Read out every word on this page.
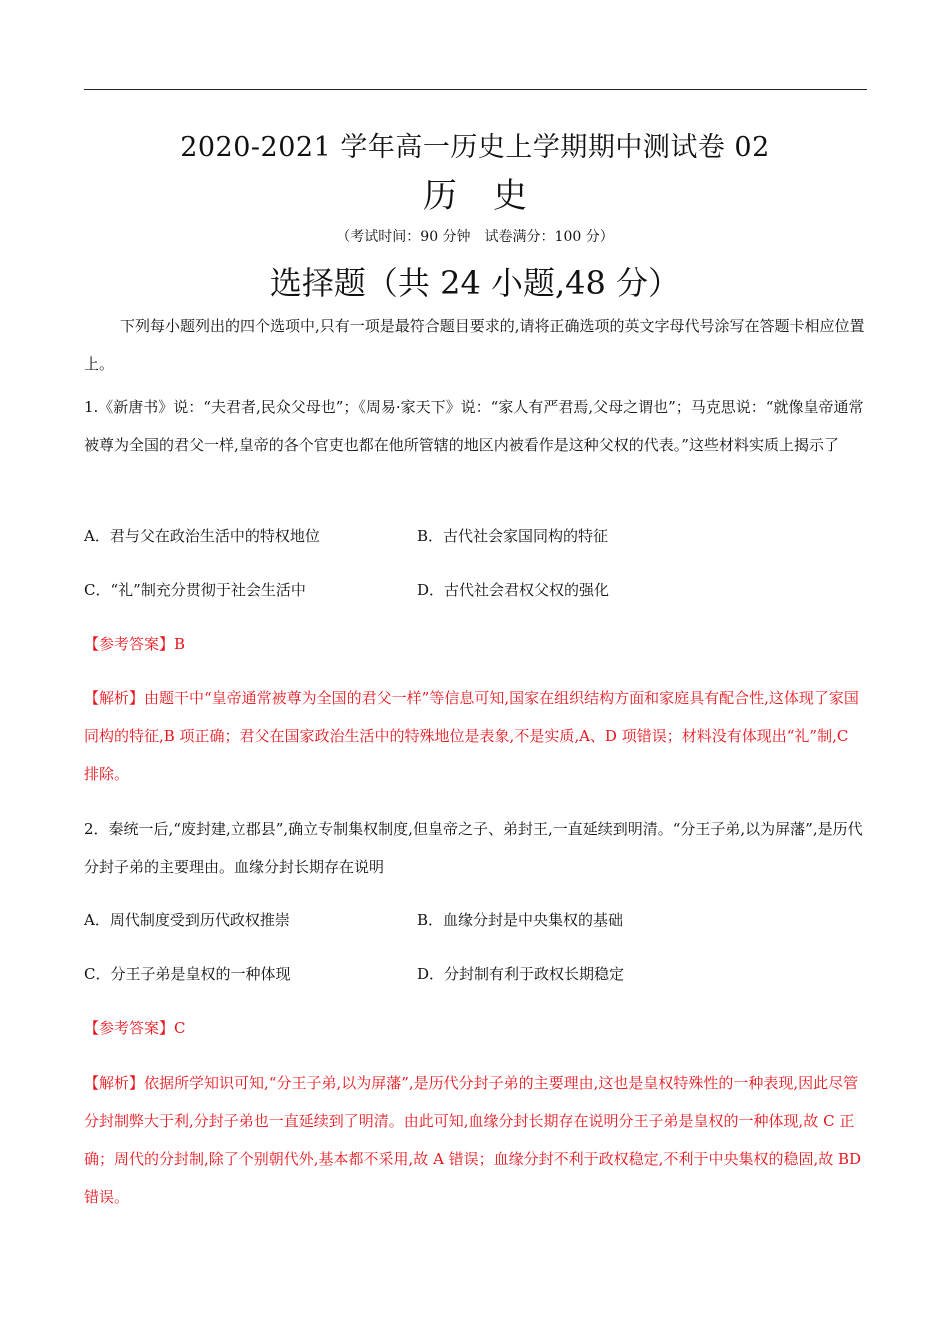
2020-2021 学年高一历史上学期期中测试卷 02
历史
（考试时间：90 分钟　试卷满分：100 分）
选择题（共 24 小题,48 分）

下列每小题列出的四个选项中,只有一项是最符合题目要求的,请将正确选项的英文字母代号涂写在答题卡相应位置上。

1.《新唐书》说：“夫君者,民众父母也”；《周易·家天下》说：“家人有严君焉,父母之谓也”；马克思说：“就像皇帝通常被尊为全国的君父一样,皇帝的各个官吏也都在他所管辖的地区内被看作是这种父权的代表。”这些材料实质上揭示了

A．君与父在政治生活中的特权地位	B．古代社会家国同构的特征
C．“礼”制充分贯彻于社会生活中	D．古代社会君权父权的强化
【参考答案】B

【解析】由题干中“皇帝通常被尊为全国的君父一样”等信息可知,国家在组织结构方面和家庭具有配合性,这体现了家国同构的特征,B 项正确；君父在国家政治生活中的特殊地位是表象,不是实质,A、D 项错误；材料没有体现出“礼”制,C 排除。

2．秦统一后,“废封建,立郡县”,确立专制集权制度,但皇帝之子、弟封王,一直延续到明清。“分王子弟,以为屏藩”,是历代分封子弟的主要理由。血缘分封长期存在说明

A．周代制度受到历代政权推崇	B．血缘分封是中央集权的基础
C．分王子弟是皇权的一种体现	D．分封制有利于政权长期稳定
【参考答案】C

【解析】依据所学知识可知,“分王子弟,以为屏藩”,是历代分封子弟的主要理由,这也是皇权特殊性的一种表现,因此尽管分封制弊大于利,分封子弟也一直延续到了明清。由此可知,血缘分封长期存在说明分王子弟是皇权的一种体现,故 C 正确；周代的分封制,除了个别朝代外,基本都不采用,故 A 错误；血缘分封不利于政权稳定,不利于中央集权的稳固,故 BD 错误。
